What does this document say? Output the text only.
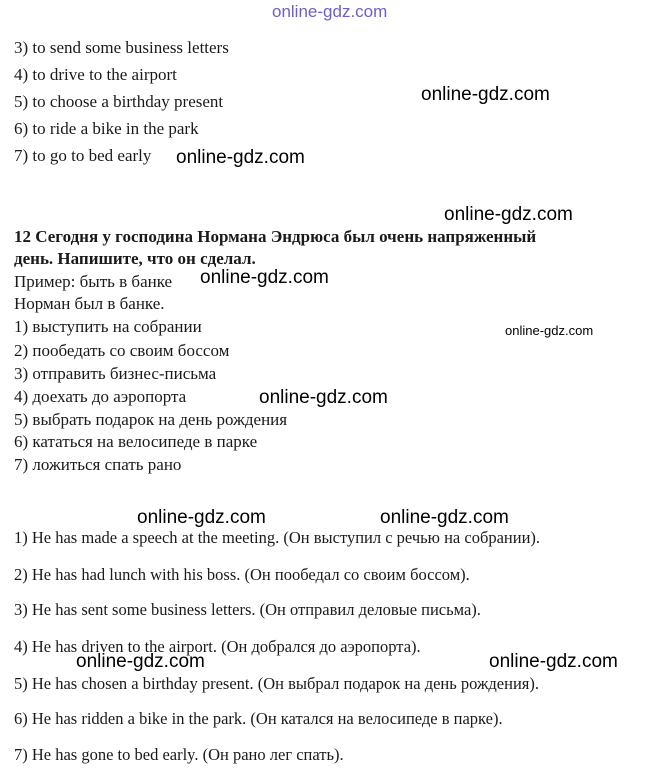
online-gdz.com
3) to send some business letters
4) to drive to the airport
5) to choose a birthday present
6) to ride a bike in the park
7) to go to bed early
12 Сегодня у господина Нормана Эндрюса был очень напряженный
день. Напишите, что он сделал.
Пример: быть в банке
Норман был в банке.
1) выступить на собрании
2) пообедать со своим боссом
3) отправить бизнес-письма
4) доехать до аэропорта
5) выбрать подарок на день рождения
6) кататься на велосипеде в парке
7) ложиться спать рано
1) He has made a speech at the meeting. (Он выступил с речью на собрании).
2) He has had lunch with his boss. (Он пообедал со своим боссом).
3) He has sent some business letters. (Он отправил деловые письма).
4) He has driven to the airport. (Он добрался до аэропорта).
5) He has chosen a birthday present. (Он выбрал подарок на день рождения).
6) He has ridden a bike in the park. (Он катался на велосипеде в парке).
7) He has gone to bed early. (Он рано лег спать).
online-gdz.com
online-gdz.com
online-gdz.com
online-gdz.com
online-gdz.com
online-gdz.com
online-gdz.com	online-gdz.com
online-gdz.com	online-gdz.com
